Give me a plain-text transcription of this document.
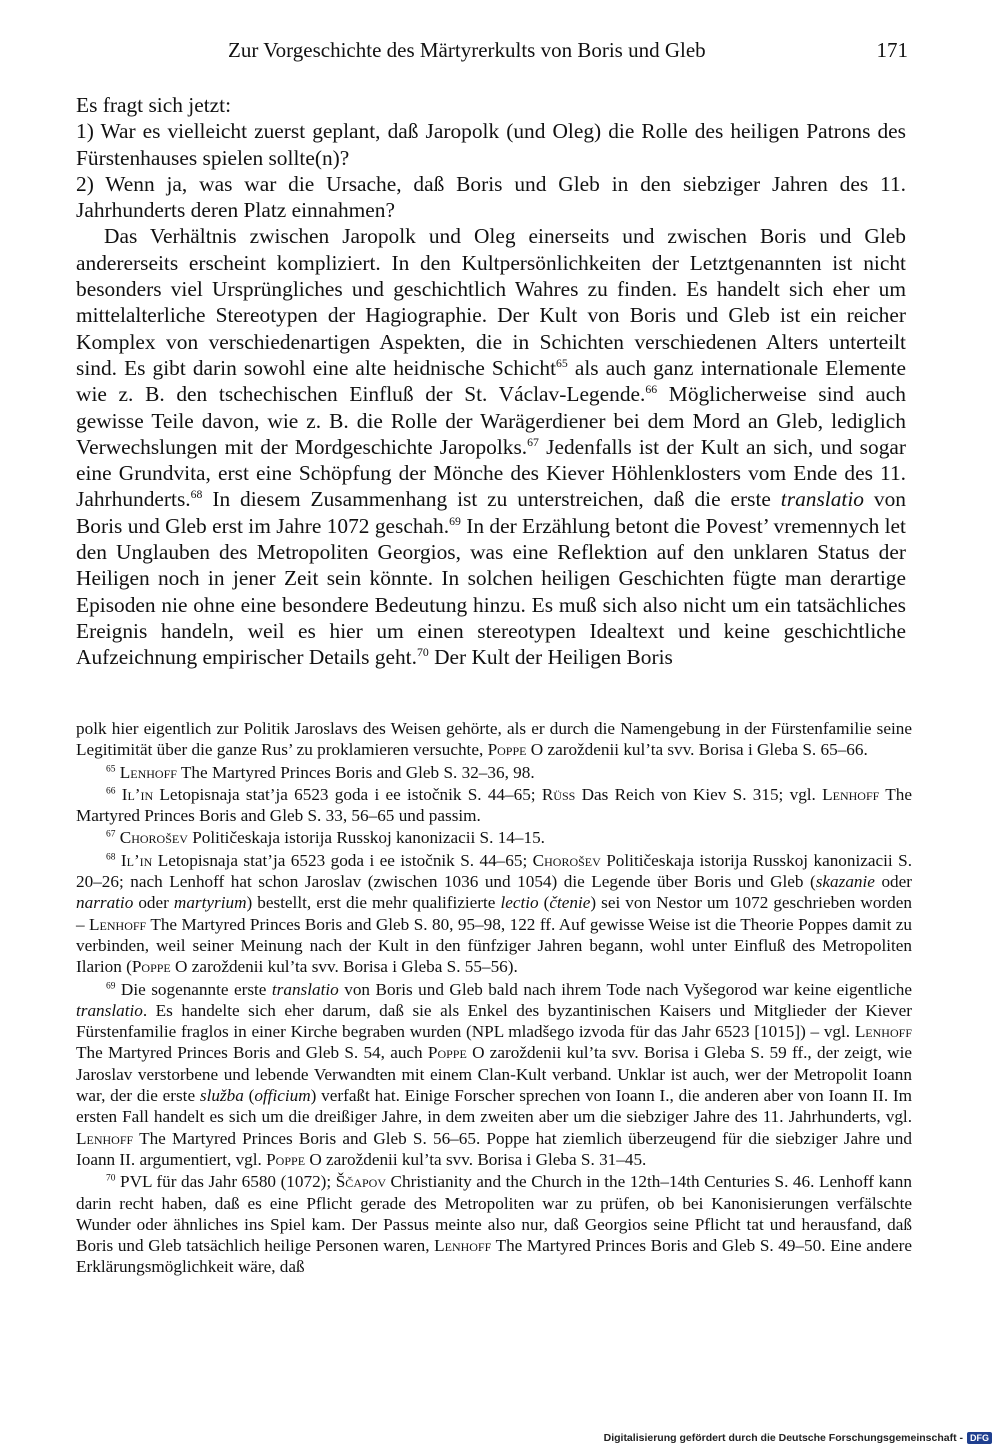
Zur Vorgeschichte des Märtyrerkults von Boris und Gleb	171

Es fragt sich jetzt:

1) War es vielleicht zuerst geplant, daß Jaropolk (und Oleg) die Rolle des heiligen Patrons des Fürstenhauses spielen sollte(n)?

2) Wenn ja, was war die Ursache, daß Boris und Gleb in den siebziger Jahren des 11. Jahrhunderts deren Platz einnahmen?

Das Verhältnis zwischen Jaropolk und Oleg einerseits und zwischen Boris und Gleb andererseits erscheint kompliziert. In den Kultpersönlichkeiten der Letztgenannten ist nicht besonders viel Ursprüngliches und geschichtlich Wahres zu finden. Es handelt sich eher um mittelalterliche Stereotypen der Hagiographie. Der Kult von Boris und Gleb ist ein reicher Komplex von verschiedenartigen Aspekten, die in Schichten verschiedenen Alters unterteilt sind. Es gibt darin sowohl eine alte heidnische Schicht$^{65}$ als auch ganz internationale Elemente wie z. B. den tschechischen Einfluß der St. Václav-Legende.$^{66}$ Möglicherweise sind auch gewisse Teile davon, wie z. B. die Rolle der Warägerdiener bei dem Mord an Gleb, lediglich Verwechslungen mit der Mordgeschichte Jaropolks.$^{67}$ Jedenfalls ist der Kult an sich, und sogar eine Grundvita, erst eine Schöpfung der Mönche des Kiever Höhlenklosters vom Ende des 11. Jahrhunderts.$^{68}$ In diesem Zusammenhang ist zu unterstreichen, daß die erste translatio von Boris und Gleb erst im Jahre 1072 geschah.$^{69}$ In der Erzählung betont die Povest’ vremennych let den Unglauben des Metropoliten Georgios, was eine Reflektion auf den unklaren Status der Heiligen noch in jener Zeit sein könnte. In solchen heiligen Geschichten fügte man derartige Episoden nie ohne eine besondere Bedeutung hinzu. Es muß sich also nicht um ein tatsächliches Ereignis handeln, weil es hier um einen stereotypen Idealtext und keine geschichtliche Aufzeichnung empirischer Details geht.$^{70}$ Der Kult der Heiligen Boris

polk hier eigentlich zur Politik Jaroslavs des Weisen gehörte, als er durch die Namengebung in der Fürstenfamilie seine Legitimität über die ganze Rus’ zu proklamieren versuchte, Poppe O zaroždenii kul’ta svv. Borisa i Gleba S. 65–66.

$^{65}$ Lenhoff The Martyred Princes Boris and Gleb S. 32–36, 98.

$^{66}$ Il’in Letopisnaja stat’ja 6523 goda i ee istočnik S. 44–65; Rüss Das Reich von Kiev S. 315; vgl. Lenhoff The Martyred Princes Boris and Gleb S. 33, 56–65 und passim.

$^{67}$ Chorošev Političeskaja istorija Russkoj kanonizacii S. 14–15.

$^{68}$ Il’in Letopisnaja stat’ja 6523 goda i ee istočnik S. 44–65; Chorošev Političeskaja istorija Russkoj kanonizacii S. 20–26; nach Lenhoff hat schon Jaroslav (zwischen 1036 und 1054) die Legende über Boris und Gleb (skazanie oder narratio oder martyrium) bestellt, erst die mehr qualifizierte lectio (čtenie) sei von Nestor um 1072 geschrieben worden – Lenhoff The Martyred Princes Boris and Gleb S. 80, 95–98, 122 ff. Auf gewisse Weise ist die Theorie Poppes damit zu verbinden, weil seiner Meinung nach der Kult in den fünfziger Jahren begann, wohl unter Einfluß des Metropoliten Ilarion (Poppe O zaroždenii kul’ta svv. Borisa i Gleba S. 55–56).

$^{69}$ Die sogenannte erste translatio von Boris und Gleb bald nach ihrem Tode nach Vyšegorod war keine eigentliche translatio. Es handelte sich eher darum, daß sie als Enkel des byzantinischen Kaisers und Mitglieder der Kiever Fürstenfamilie fraglos in einer Kirche begraben wurden (NPL mladšego izvoda für das Jahr 6523 [1015]) – vgl. Lenhoff The Martyred Princes Boris and Gleb S. 54, auch Poppe O zaroždenii kul’ta svv. Borisa i Gleba S. 59 ff., der zeigt, wie Jaroslav verstorbene und lebende Verwandten mit einem Clan-Kult verband. Unklar ist auch, wer der Metropolit Ioann war, der die erste služba (officium) verfaßt hat. Einige Forscher sprechen von Ioann I., die anderen aber von Ioann II. Im ersten Fall handelt es sich um die dreißiger Jahre, in dem zweiten aber um die siebziger Jahre des 11. Jahrhunderts, vgl. Lenhoff The Martyred Princes Boris and Gleb S. 56–65. Poppe hat ziemlich überzeugend für die siebziger Jahre und Ioann II. argumentiert, vgl. Poppe O zaroždenii kul’ta svv. Borisa i Gleba S. 31–45.

$^{70}$ PVL für das Jahr 6580 (1072); Ščapov Christianity and the Church in the 12th–14th Centuries S. 46. Lenhoff kann darin recht haben, daß es eine Pflicht gerade des Metropoliten war zu prüfen, ob bei Kanonisierungen verfälschte Wunder oder ähnliches ins Spiel kam. Der Passus meinte also nur, daß Georgios seine Pflicht tat und herausfand, daß Boris und Gleb tatsächlich heilige Personen waren, Lenhoff The Martyred Princes Boris and Gleb S. 49–50. Eine andere Erklärungsmöglichkeit wäre, daß

Digitalisierung gefördert durch die Deutsche Forschungsgemeinschaft - DFG
